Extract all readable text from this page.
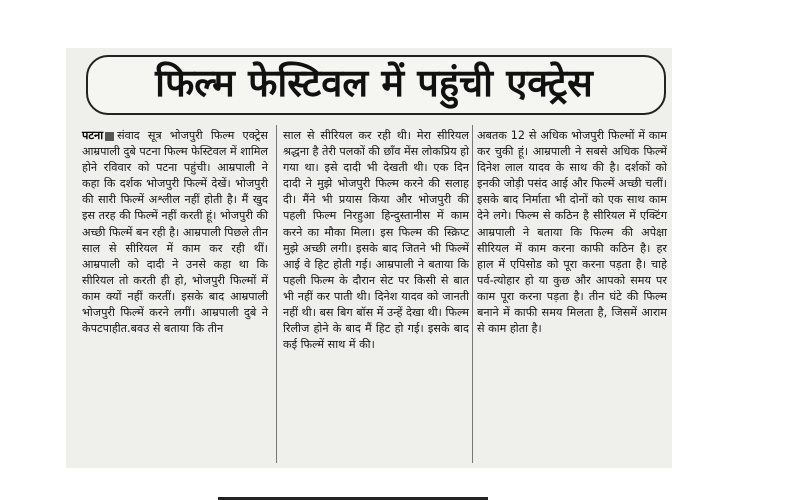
फिल्म फेस्टिवल में पहुंची एक्ट्रेस
पटना संवाद सूत्र भोजपुरी फिल्म एक्ट्रेस आम्रपाली दुबे पटना फिल्म फेस्टिवल में शामिल होने रविवार को पटना पहुंची। आम्रपाली ने कहा कि दर्शक भोजपुरी फिल्में देखें। भोजपुरी की सारी फिल्में अश्लील नहीं होती है। मैं खुद इस तरह की फिल्में नहीं करती हूं। भोजपुरी की अच्छी फिल्में बन रही है। आम्रपाली पिछले तीन साल से सीरियल में काम कर रही थीं। आम्रपाली को दादी ने उनसे कहा था कि सीरियल तो करती ही हो, भोजपुरी फिल्मों में काम क्यों नहीं करतीं। इसके बाद आम्रपाली भोजपुरी फिल्में करने लगीं। आम्रपाली दुबे ने केपटपाहीत.बवउ से बताया कि तीन
साल से सीरियल कर रही थी। मेरा सीरियल श्रद्धना है तेरी पलकों की छाँव मेंस लोकप्रिय हो गया था। इसे दादी भी देखती थी। एक दिन दादी ने मुझे भोजपुरी फिल्म करने की सलाह दी। मैंने भी प्रयास किया और भोजपुरी की पहली फिल्म निरहुआ हिन्दुस्तानीस में काम करने का मौका मिला। इस फिल्म की स्क्रिप्ट मुझे अच्छी लगी। इसके बाद जितने भी फिल्में आई वे हिट होती गई। आम्रपाली ने बताया कि पहली फिल्म के दौरान सेट पर किसी से बात भी नहीं कर पाती थी। दिनेश यादव को जानती नहीं थी। बस बिग बॉस में उन्हें देखा थी। फिल्म रिलीज होने के बाद मैं हिट हो गई। इसके बाद कई फिल्में साथ में की।
अबतक 12 से अधिक भोजपुरी फिल्मों में काम कर चुकी हूं। आम्रपाली ने सबसे अधिक फिल्में दिनेश लाल यादव के साथ की है। दर्शकों को इनकी जोड़ी पसंद आई और फिल्में अच्छी चलीं। इसके बाद निर्माता भी दोनों को एक साथ काम देने लगे। फिल्म से कठिन है सीरियल में एक्टिंग आम्रपाली ने बताया कि फिल्म की अपेक्षा सीरियल में काम करना काफी कठिन है। हर हाल में एपिसोड को पूरा करना पड़ता है। चाहे पर्व-त्योहार हो या कुछ और आपको समय पर काम पूरा करना पड़ता है। तीन घंटे की फिल्म बनाने में काफी समय मिलता है, जिसमें आराम से काम होता है।
